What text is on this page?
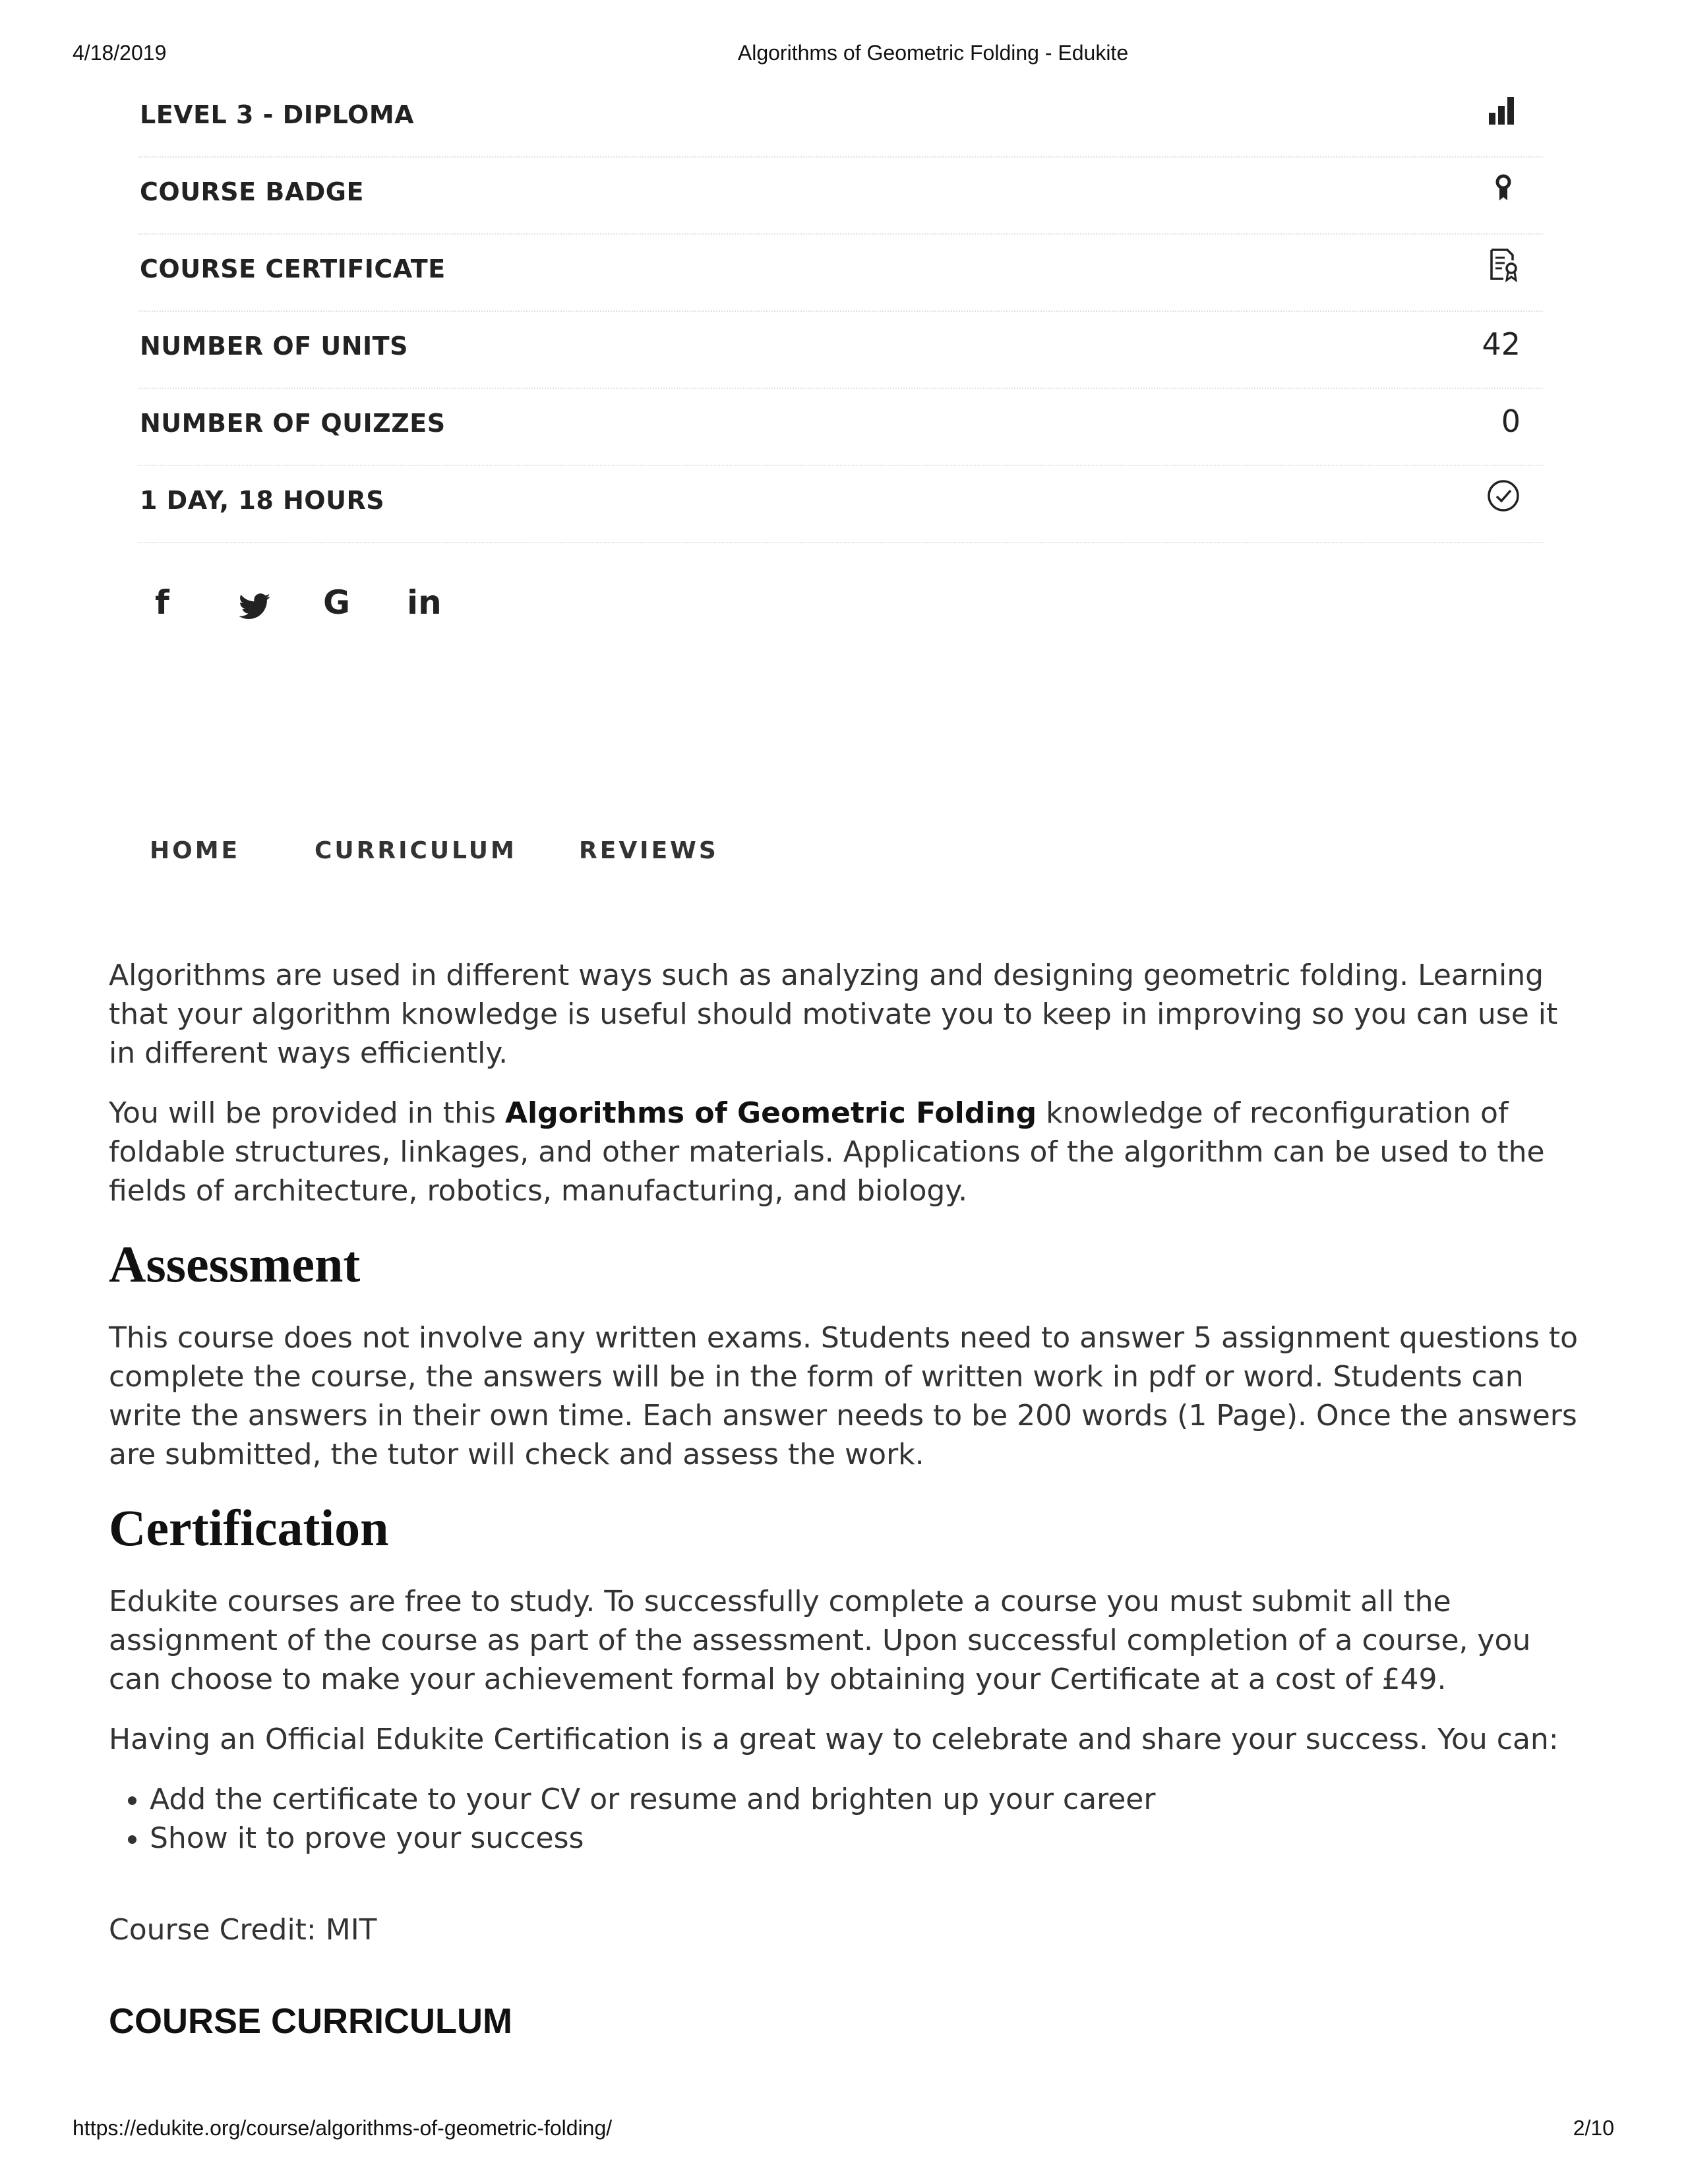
4/18/2019	Algorithms of Geometric Folding - Edukite
LEVEL 3 - DIPLOMA
COURSE BADGE
COURSE CERTIFICATE
NUMBER OF UNITS	42
NUMBER OF QUIZZES	0
1 DAY, 18 HOURS
f	G in
HOME	CURRICULUM	REVIEWS

Algorithms are used in different ways such as analyzing and designing geometric folding. Learning that your algorithm knowledge is useful should motivate you to keep in improving so you can use it in different ways efficiently.

You will be provided in this Algorithms of Geometric Folding knowledge of reconfiguration of foldable structures, linkages, and other materials. Applications of the algorithm can be used to the fields of architecture, robotics, manufacturing, and biology.

Assessment

This course does not involve any written exams. Students need to answer 5 assignment questions to complete the course, the answers will be in the form of written work in pdf or word. Students can write the answers in their own time. Each answer needs to be 200 words (1 Page). Once the answers are submitted, the tutor will check and assess the work.

Certification

Edukite courses are free to study. To successfully complete a course you must submit all the assignment of the course as part of the assessment. Upon successful completion of a course, you can choose to make your achievement formal by obtaining your Certificate at a cost of £49.

Having an Official Edukite Certification is a great way to celebrate and share your success. You can:

• Add the certificate to your CV or resume and brighten up your career
• Show it to prove your success

Course Credit: MIT

COURSE CURRICULUM
https://edukite.org/course/algorithms-of-geometric-folding/	2/10
